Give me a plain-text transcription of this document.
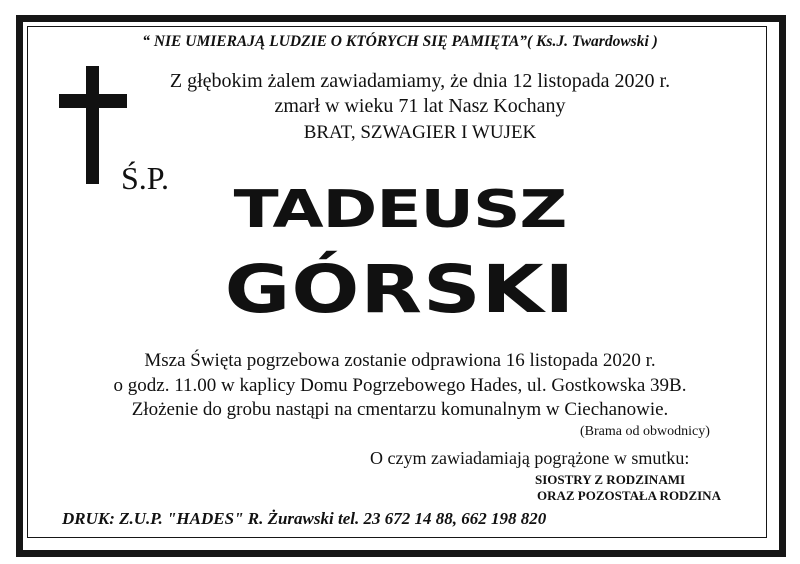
“ NIE UMIERAJĄ LUDZIE O KTÓRYCH SIĘ PAMIĘTA”( Ks.J. Twardowski )
Z głębokim żalem zawiadamiamy, że dnia 12 listopada 2020 r.
zmarł w wieku 71 lat Nasz Kochany
BRAT, SZWAGIER I WUJEK
Ś.P.
TADEUSZ
GÓRSKI
Msza Święta pogrzebowa zostanie odprawiona 16 listopada 2020 r.
o godz. 11.00 w kaplicy Domu Pogrzebowego Hades, ul. Gostkowska 39B.
Złożenie do grobu nastąpi na cmentarzu komunalnym w Ciechanowie.
(Brama od obwodnicy)
O czym zawiadamiają pogrążone w smutku:
SIOSTRY Z RODZINAMI
ORAZ POZOSTAŁA RODZINA
DRUK: Z.U.P. "HADES" R. Żurawski tel. 23 672 14 88, 662 198 820
